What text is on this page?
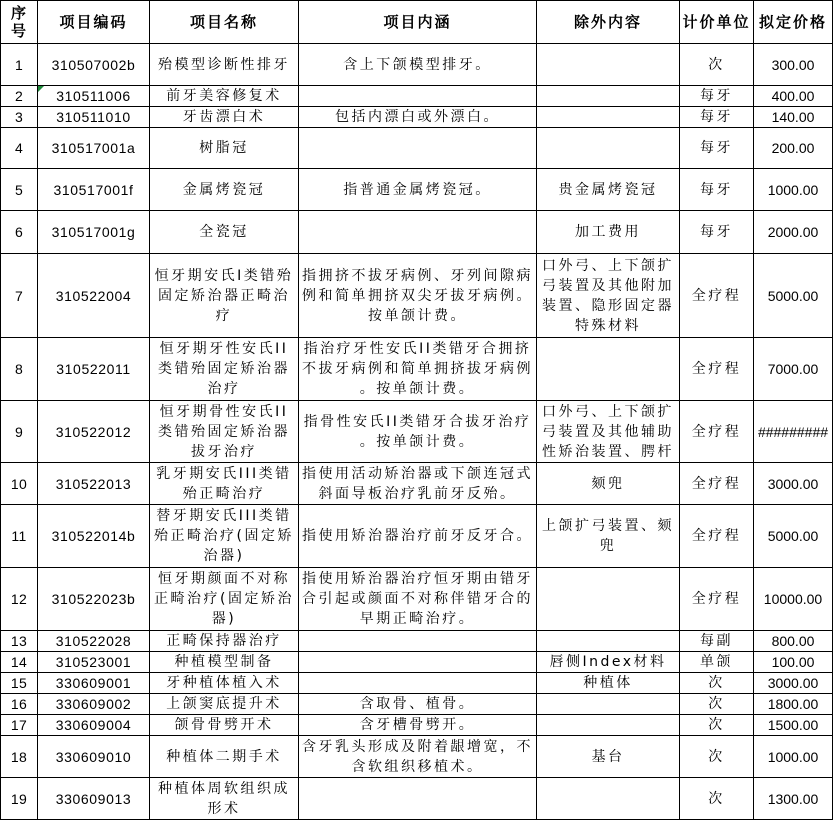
序号	项目编码	项目名称	项目内涵	除外内容	计价单位	拟定价格
1	310507002b	殆模型诊断性排牙	含上下颌模型排牙。		次	300.00
2	310511006	前牙美容修复术			每牙	400.00
3	310511010	牙齿漂白术	包括内漂白或外漂白。		每牙	140.00
4	310517001a	树脂冠			每牙	200.00
5	310517001f	金属烤瓷冠	指普通金属烤瓷冠。	贵金属烤瓷冠	每牙	1000.00
6	310517001g	全瓷冠		加工费用	每牙	2000.00
7	310522004	恒牙期安氏I类错殆
固定矫治器正畸治
疗	指拥挤不拔牙病例、牙列间隙病
例和简单拥挤双尖牙拔牙病例。
按单颌计费。	口外弓、上下颌扩
弓装置及其他附加
装置、隐形固定器
特殊材料	全疗程	5000.00
8	310522011	恒牙期牙性安氏II
类错殆固定矫治器
治疗	指治疗牙性安氏II类错牙合拥挤
不拔牙病例和简单拥挤拔牙病例
。按单颌计费。		全疗程	7000.00
9	310522012	恒牙期骨性安氏II
类错殆固定矫治器
拔牙治疗	指骨性安氏II类错牙合拔牙治疗
。按单颌计费。	口外弓、上下颌扩
弓装置及其他辅助
性矫治装置、腭杆	全疗程	#########
10	310522013	乳牙期安氏III类错
殆正畸治疗	指使用活动矫治器或下颌连冠式
斜面导板治疗乳前牙反殆。	颏兜	全疗程	3000.00
11	310522014b	替牙期安氏III类错
殆正畸治疗(固定矫
治器)	指使用矫治器治疗前牙反牙合。	上颌扩弓装置、颏
兜	全疗程	5000.00
12	310522023b	恒牙期颜面不对称
正畸治疗(固定矫治
器)	指使用矫治器治疗恒牙期由错牙
合引起或颜面不对称伴错牙合的
早期正畸治疗。		全疗程	10000.00
13	310522028	正畸保持器治疗			每副	800.00
14	310523001	种植模型制备		唇侧Index材料	单颌	100.00
15	330609001	牙种植体植入术		种植体	次	3000.00
16	330609002	上颌窦底提升术	含取骨、植骨。		次	1800.00
17	330609004	颌骨骨劈开术	含牙槽骨劈开。		次	1500.00
18	330609010	种植体二期手术	含牙乳头形成及附着龈增宽，不
含软组织移植术。	基台	次	1000.00
19	330609013	种植体周软组织成
形术			次	1300.00
